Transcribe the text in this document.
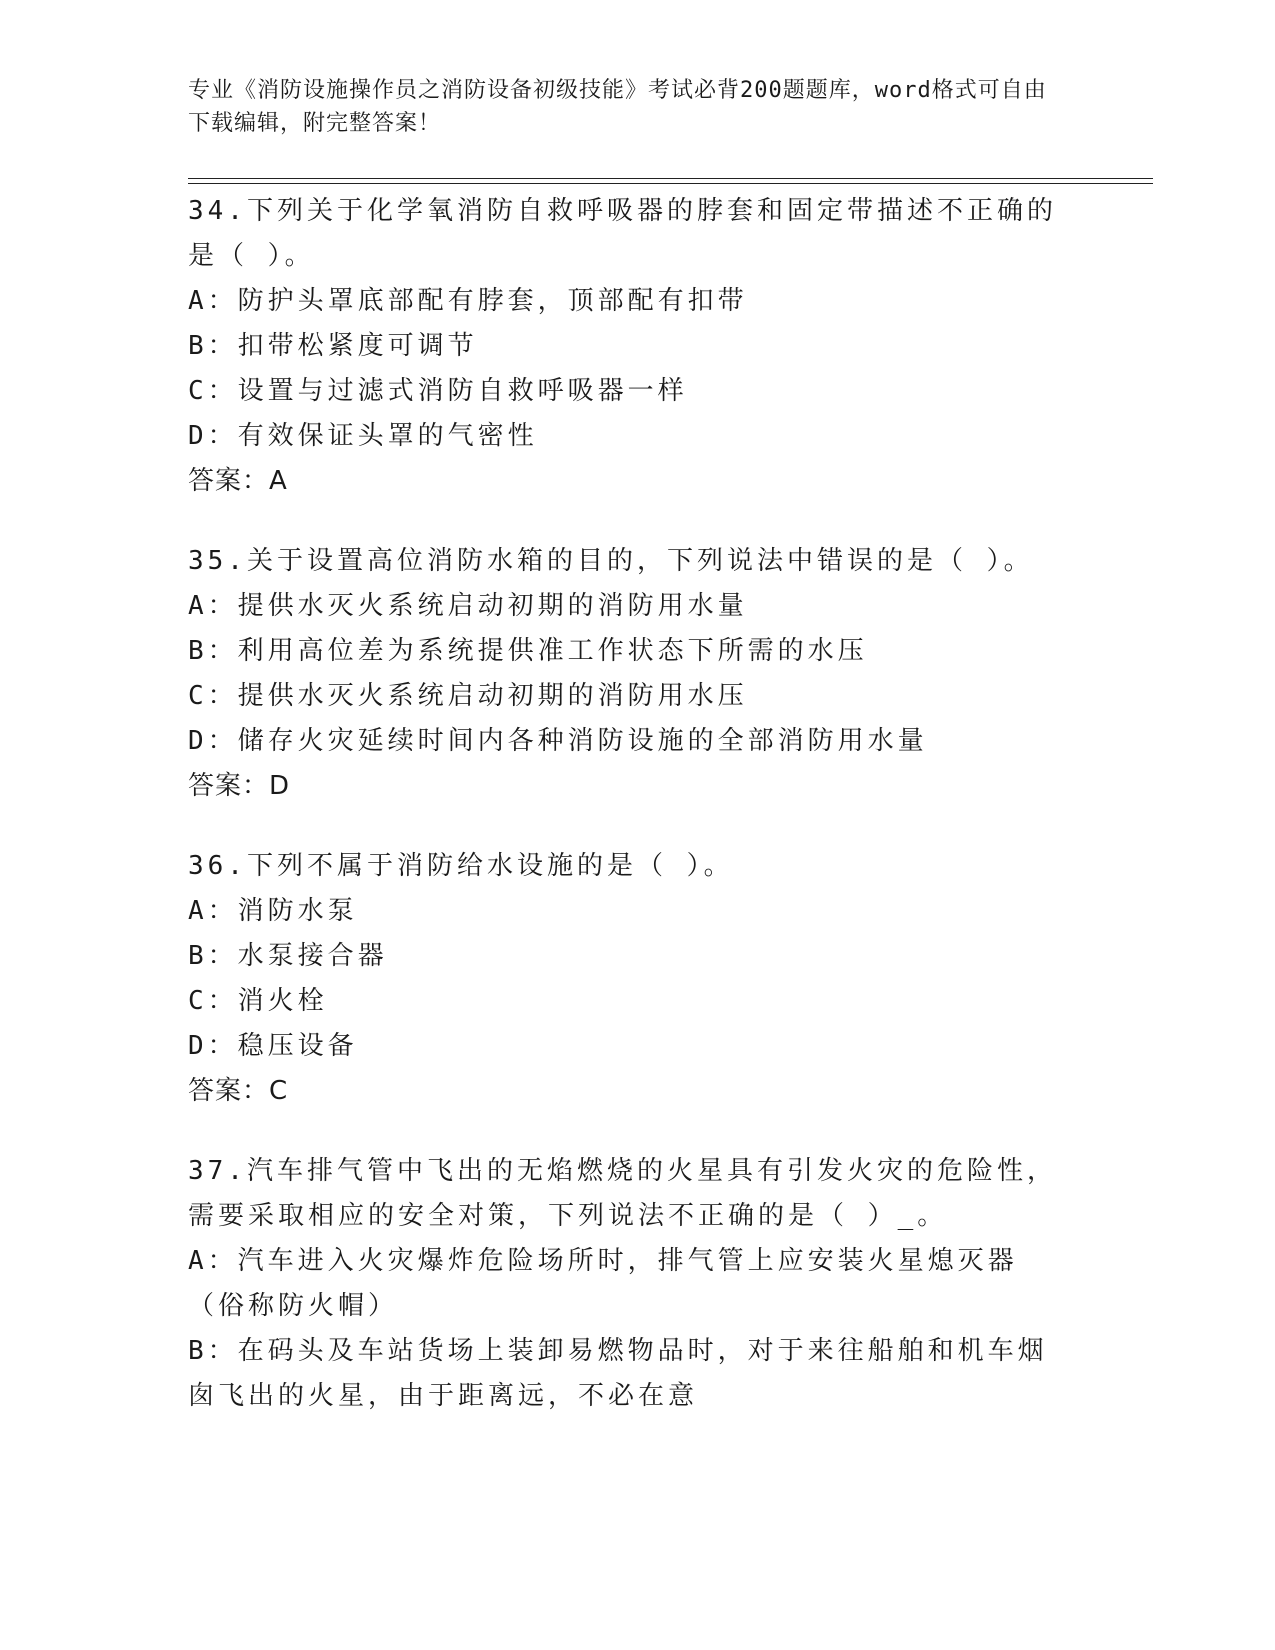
专业《消防设施操作员之消防设备初级技能》考试必背200题题库，word格式可自由下载编辑，附完整答案！
34.下列关于化学氧消防自救呼吸器的脖套和固定带描述不正确的是（ ）。
A：防护头罩底部配有脖套，顶部配有扣带
B：扣带松紧度可调节
C：设置与过滤式消防自救呼吸器一样
D：有效保证头罩的气密性
答案：A
35.关于设置高位消防水箱的目的，下列说法中错误的是（ ）。
A：提供水灭火系统启动初期的消防用水量
B：利用高位差为系统提供准工作状态下所需的水压
C：提供水灭火系统启动初期的消防用水压
D：储存火灾延续时间内各种消防设施的全部消防用水量
答案：D
36.下列不属于消防给水设施的是（ ）。
A：消防水泵
B：水泵接合器
C：消火栓
D：稳压设备
答案：C
37.汽车排气管中飞出的无焰燃烧的火星具有引发火灾的危险性，需要采取相应的安全对策，下列说法不正确的是（ ）_。
A：汽车进入火灾爆炸危险场所时，排气管上应安装火星熄灭器（俗称防火帽）
B：在码头及车站货场上装卸易燃物品时，对于来往船舶和机车烟囱飞出的火星，由于距离远，不必在意
